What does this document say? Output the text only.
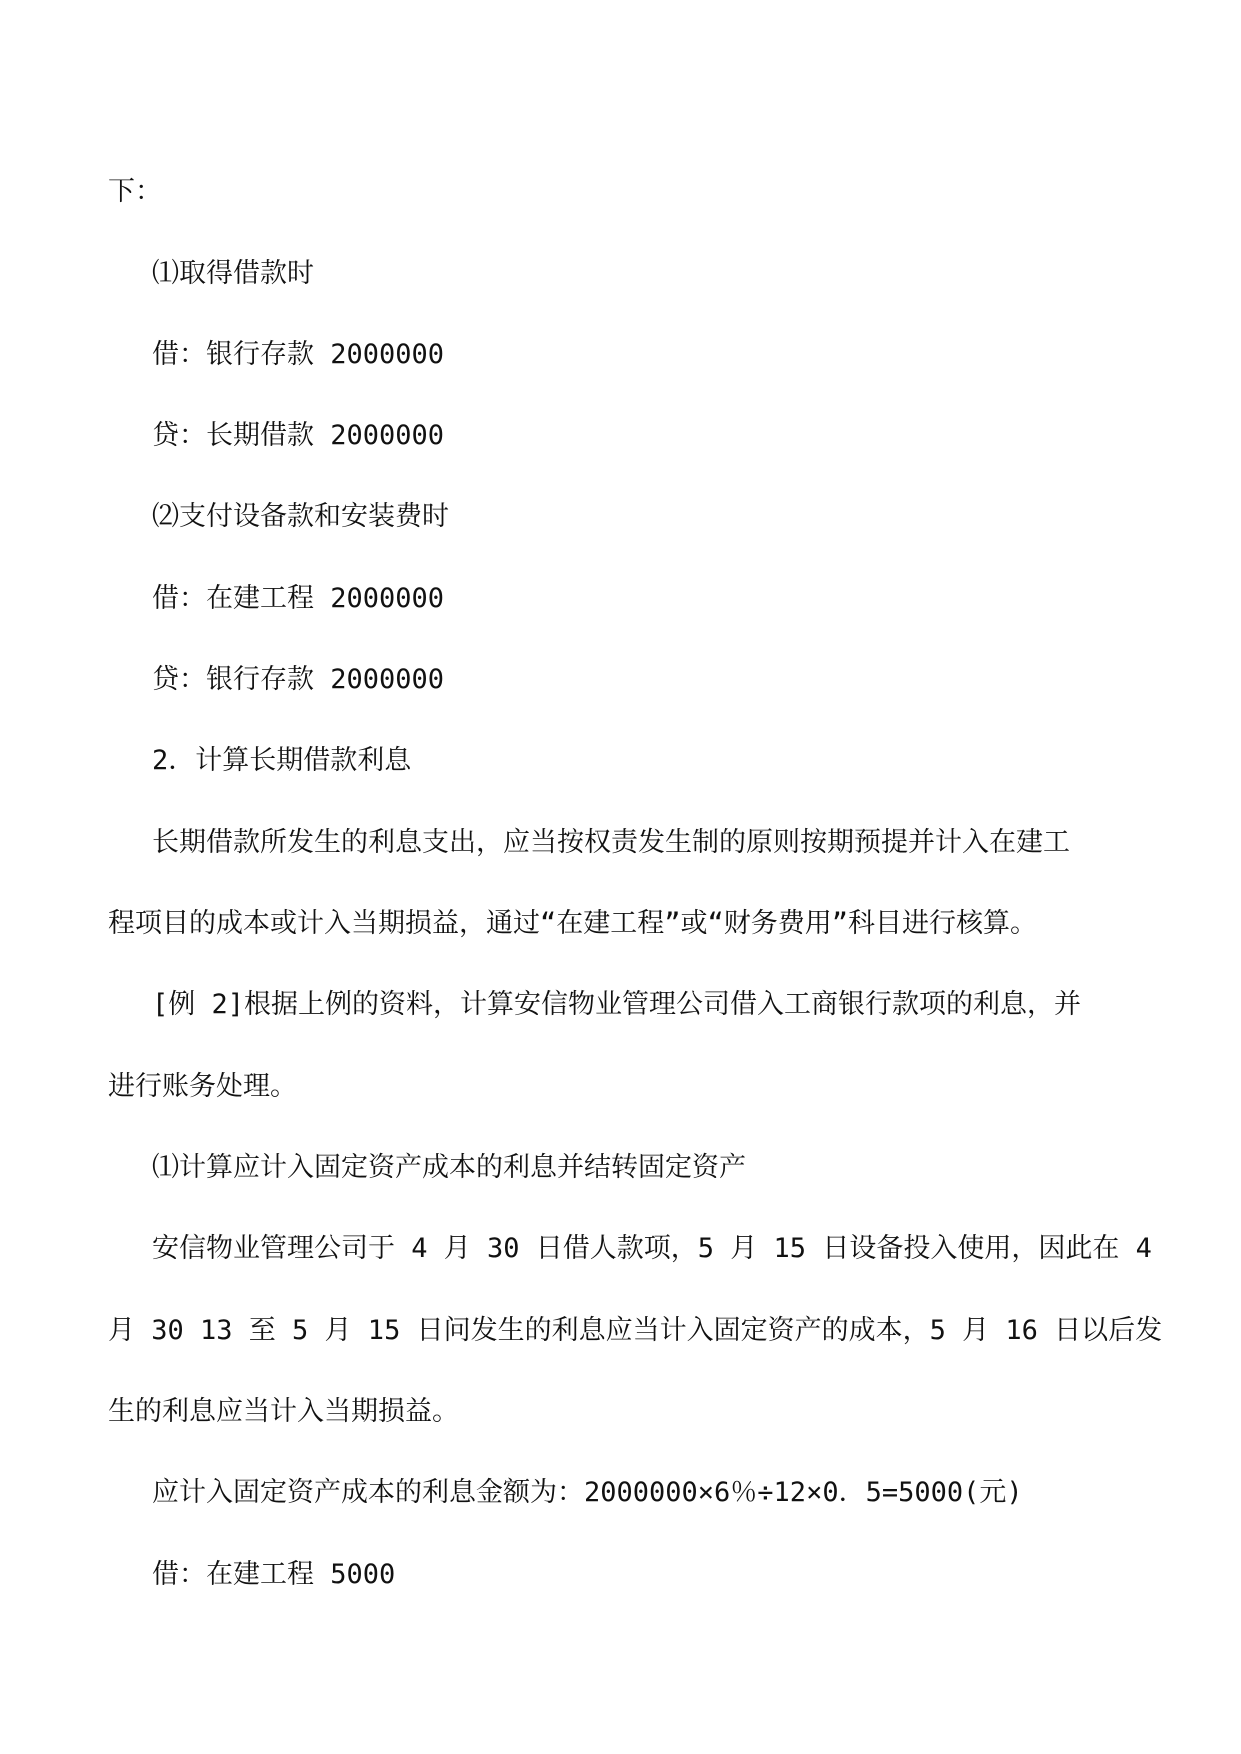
下：

⑴取得借款时

借：银行存款 2000000

贷：长期借款 2000000

⑵支付设备款和安装费时

借：在建工程 2000000

贷：银行存款 2000000

2．计算长期借款利息

长期借款所发生的利息支出，应当按权责发生制的原则按期预提并计入在建工

程项目的成本或计入当期损益，通过“在建工程”或“财务费用”科目进行核算。

[例 2]根据上例的资料，计算安信物业管理公司借入工商银行款项的利息，并

进行账务处理。

⑴计算应计入固定资产成本的利息并结转固定资产

安信物业管理公司于 4 月 30 日借人款项，5 月 15 日设备投入使用，因此在 4

月 30 13 至 5 月 15 日问发生的利息应当计入固定资产的成本，5 月 16 日以后发

生的利息应当计入当期损益。

应计入固定资产成本的利息金额为：2000000×6％÷12×0．5=5000(元)

借：在建工程 5000
